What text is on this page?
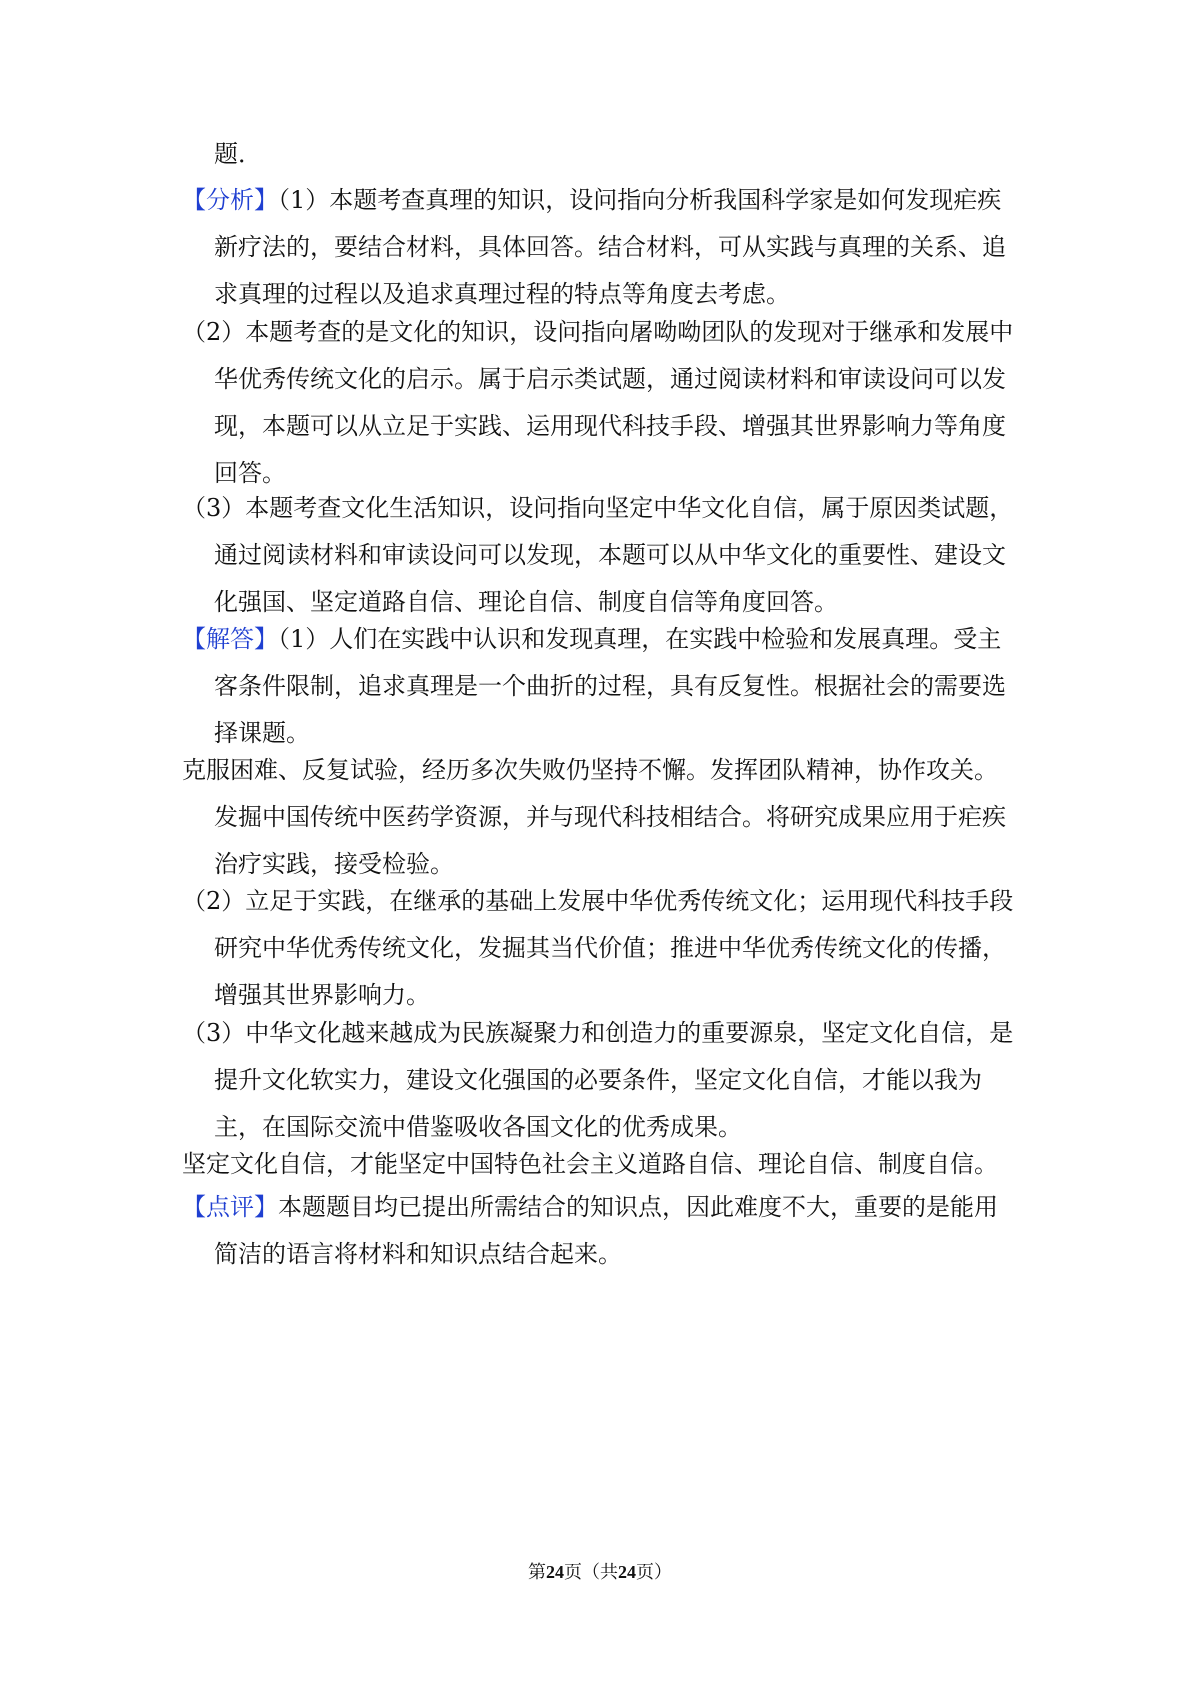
题．
【分析】（1）本题考查真理的知识，设问指向分析我国科学家是如何发现疟疾
新疗法的，要结合材料，具体回答。结合材料，可从实践与真理的关系、追
求真理的过程以及追求真理过程的特点等角度去考虑。
（2）本题考查的是文化的知识，设问指向屠呦呦团队的发现对于继承和发展中
华优秀传统文化的启示。属于启示类试题，通过阅读材料和审读设问可以发
现，本题可以从立足于实践、运用现代科技手段、增强其世界影响力等角度
回答。
（3）本题考查文化生活知识，设问指向坚定中华文化自信，属于原因类试题，
通过阅读材料和审读设问可以发现，本题可以从中华文化的重要性、建设文
化强国、坚定道路自信、理论自信、制度自信等角度回答。
【解答】（1）人们在实践中认识和发现真理，在实践中检验和发展真理。受主
客条件限制，追求真理是一个曲折的过程，具有反复性。根据社会的需要选
择课题。
克服困难、反复试验，经历多次失败仍坚持不懈。发挥团队精神，协作攻关。
发掘中国传统中医药学资源，并与现代科技相结合。将研究成果应用于疟疾
治疗实践，接受检验。
（2）立足于实践，在继承的基础上发展中华优秀传统文化；运用现代科技手段
研究中华优秀传统文化，发掘其当代价值；推进中华优秀传统文化的传播，
增强其世界影响力。
（3）中华文化越来越成为民族凝聚力和创造力的重要源泉，坚定文化自信，是
提升文化软实力，建设文化强国的必要条件，坚定文化自信，才能以我为
主，在国际交流中借鉴吸收各国文化的优秀成果。
坚定文化自信，才能坚定中国特色社会主义道路自信、理论自信、制度自信。
【点评】本题题目均已提出所需结合的知识点，因此难度不大，重要的是能用
简洁的语言将材料和知识点结合起来。
第24页（共24页）
